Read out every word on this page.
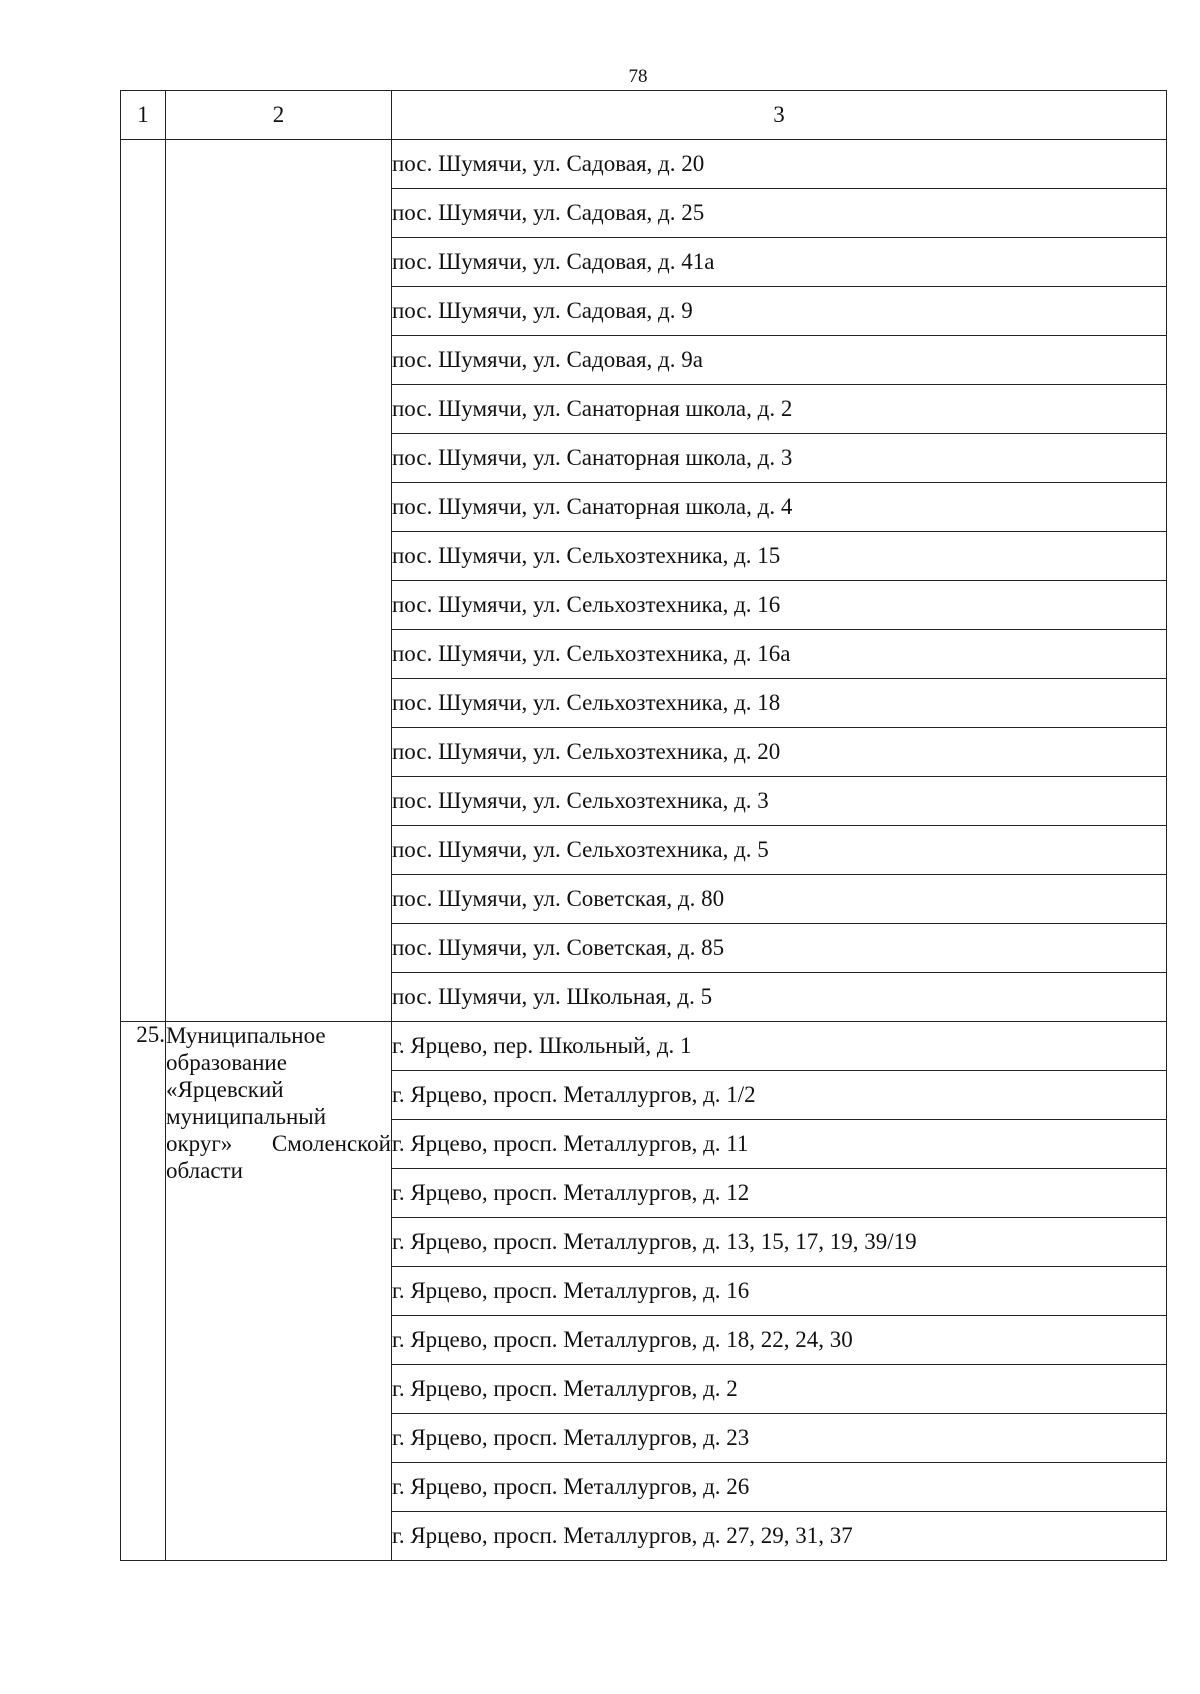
78
1	2	3
		пос. Шумячи, ул. Садовая, д. 20
		пос. Шумячи, ул. Садовая, д. 25
		пос. Шумячи, ул. Садовая, д. 41а
		пос. Шумячи, ул. Садовая, д. 9
		пос. Шумячи, ул. Садовая, д. 9а
		пос. Шумячи, ул. Санаторная школа, д. 2
		пос. Шумячи, ул. Санаторная школа, д. 3
		пос. Шумячи, ул. Санаторная школа, д. 4
		пос. Шумячи, ул. Сельхозтехника, д. 15
		пос. Шумячи, ул. Сельхозтехника, д. 16
		пос. Шумячи, ул. Сельхозтехника, д. 16а
		пос. Шумячи, ул. Сельхозтехника, д. 18
		пос. Шумячи, ул. Сельхозтехника, д. 20
		пос. Шумячи, ул. Сельхозтехника, д. 3
		пос. Шумячи, ул. Сельхозтехника, д. 5
		пос. Шумячи, ул. Советская, д. 80
		пос. Шумячи, ул. Советская, д. 85
		пос. Шумячи, ул. Школьная, д. 5
25.	Муниципальное образование «Ярцевский муниципальный округ» Смоленской области	г. Ярцево, пер. Школьный, д. 1
		г. Ярцево, просп. Металлургов, д. 1/2
		г. Ярцево, просп. Металлургов, д. 11
		г. Ярцево, просп. Металлургов, д. 12
		г. Ярцево, просп. Металлургов, д. 13, 15, 17, 19, 39/19
		г. Ярцево, просп. Металлургов, д. 16
		г. Ярцево, просп. Металлургов, д. 18, 22, 24, 30
		г. Ярцево, просп. Металлургов, д. 2
		г. Ярцево, просп. Металлургов, д. 23
		г. Ярцево, просп. Металлургов, д. 26
		г. Ярцево, просп. Металлургов, д. 27, 29, 31, 37
